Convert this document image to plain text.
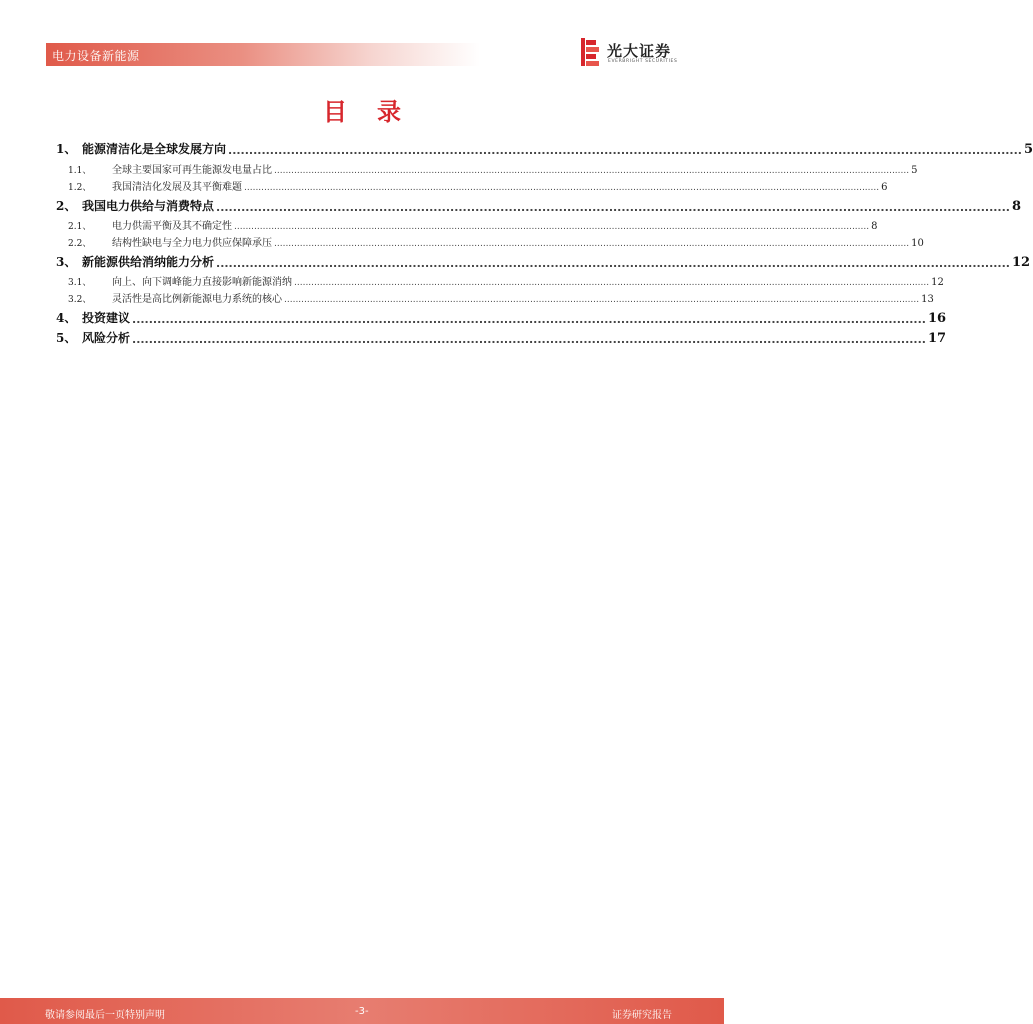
电力设备新能源	光大证券
EVERBRIGHT SECURITIES
目录
1、 能源清洁化是全球发展方向 .............................................................................................................................................................................................. 5
1.1、	全球主要国家可再生能源发电量占比 .............................................................................................................................................................................................................................. 5
1.2、	我国清洁化发展及其平衡难题 .............................................................................................................................................................................................................................. 6
2、 我国电力供给与消费特点 .............................................................................................................................................................................................. 8
2.1、	电力供需平衡及其不确定性 .............................................................................................................................................................................................................................. 8
2.2、	结构性缺电与全力电力供应保障承压 .............................................................................................................................................................................................................................. 10
3、 新能源供给消纳能力分析 .............................................................................................................................................................................................. 12
3.1、	向上、向下调峰能力直接影响新能源消纳 .............................................................................................................................................................................................................................. 12
3.2、	灵活性是高比例新能源电力系统的核心 .............................................................................................................................................................................................................................. 13
4、 投资建议 .............................................................................................................................................................................................. 16
5、 风险分析 .............................................................................................................................................................................................. 17
敬请参阅最后一页特别声明	-3-	证券研究报告
